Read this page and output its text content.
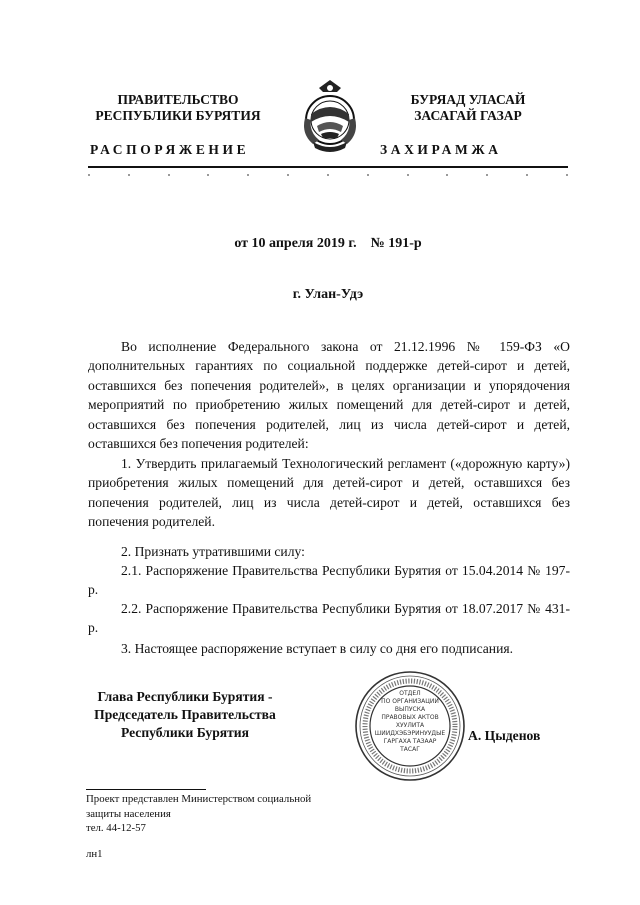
ПРАВИТЕЛЬСТВО
РЕСПУБЛИКИ БУРЯТИЯ
РАСПОРЯЖЕНИЕ
БУРЯАД УЛАСАЙ
ЗАСАГАЙ ГАЗАР
ЗАХИРАМЖА
от 10 апреля 2019 г.    № 191-р
г. Улан-Удэ
Во исполнение Федерального закона от 21.12.1996 № 159-ФЗ «О дополнительных гарантиях по социальной поддержке детей-сирот и детей, оставшихся без попечения родителей», в целях организации и упорядочения мероприятий по приобретению жилых помещений для детей-сирот и детей, оставшихся без попечения родителей, лиц из числа детей-сирот и детей, оставшихся без попечения родителей:
1. Утвердить прилагаемый Технологический регламент («дорожную карту») приобретения жилых помещений для детей-сирот и детей, оставшихся без попечения родителей, лиц из числа детей-сирот и детей, оставшихся без попечения родителей.
2. Признать утратившими силу:
2.1. Распоряжение Правительства Республики Бурятия от 15.04.2014 № 197-р.
2.2. Распоряжение Правительства Республики Бурятия от 18.07.2017 № 431-р.
3. Настоящее распоряжение вступает в силу со дня его подписания.
Глава Республики Бурятия -
Председатель Правительства
Республики Бурятия
ОТДЕЛ
ПО ОРГАНИЗАЦИИ
ВЫПУСКА
ПРАВОВЫХ АКТОВ
ХУУЛИТА
ШИИДХЭБЭРИНУУДЫЕ
ГАРГАХА ТАЗААР
ТАСАГ
А. Цыденов
Проект представлен Министерством социальной
защиты населения
тел. 44-12-57
лн1
